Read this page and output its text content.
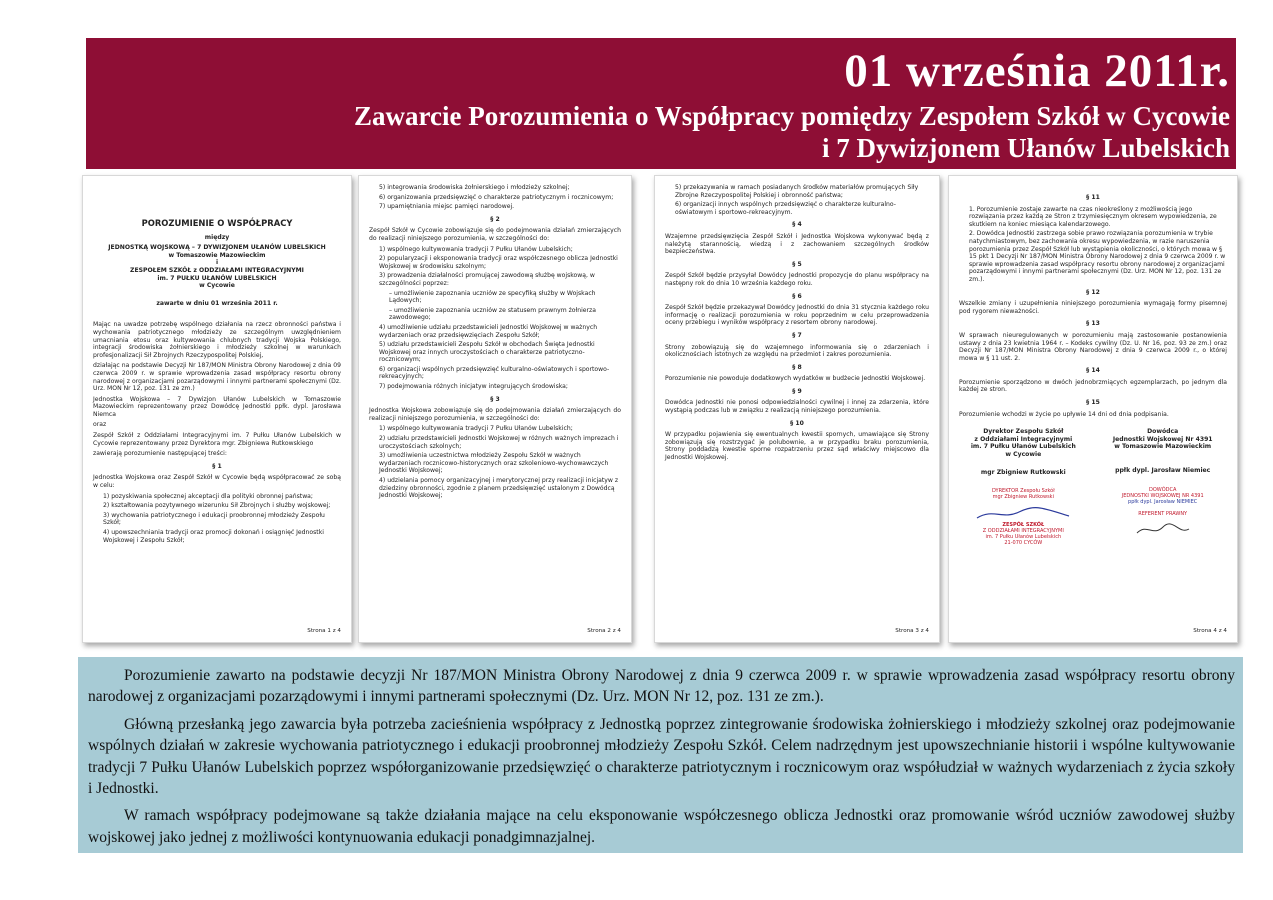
01 września 2011r.
Zawarcie Porozumienia o Współpracy pomiędzy Zespołem Szkół w Cycowie
i 7 Dywizjonem Ułanów Lubelskich
POROZUMIENIE O WSPÓŁPRACY

między

JEDNOSTKĄ WOJSKOWĄ – 7 DYWIZJONEM UŁANÓW LUBELSKICH

w Tomaszowie Mazowieckim

i

ZESPOŁEM SZKÓŁ z ODDZIAŁAMI INTEGRACYJNYMI

im. 7 PUŁKU UŁANÓW LUBELSKICH

w Cycowie

zawarte w dniu 01 września 2011 r.

Mając na uwadze potrzebę wspólnego działania na rzecz obronności państwa i wychowania patriotycznego młodzieży ze szczególnym uwzględnieniem umacniania etosu oraz kultywowania chlubnych tradycji Wojska Polskiego, integracji środowiska żołnierskiego i młodzieży szkolnej w warunkach profesjonalizacji Sił Zbrojnych Rzeczypospolitej Polskiej,

działając na podstawie Decyzji Nr 187/MON Ministra Obrony Narodowej z dnia 09 czerwca 2009 r. w sprawie wprowadzenia zasad współpracy resortu obrony narodowej z organizacjami pozarządowymi i innymi partnerami społecznymi (Dz. Urz. MON Nr 12, poz. 131 ze zm.)

Jednostka Wojskowa – 7 Dywizjon Ułanów Lubelskich w Tomaszowie Mazowieckim reprezentowany przez Dowódcę Jednostki ppłk. dypl. Jarosława Niemca

oraz

Zespół Szkół z Oddziałami Integracyjnymi im. 7 Pułku Ułanów Lubelskich w Cycowie reprezentowany przez Dyrektora mgr. Zbigniewa Rutkowskiego

zawierają porozumienie następującej treści:

§ 1

Jednostka Wojskowa oraz Zespół Szkół w Cycowie będą współpracować ze sobą w celu:

1) pozyskiwania społecznej akceptacji dla polityki obronnej państwa;
2) kształtowania pozytywnego wizerunku Sił Zbrojnych i służby wojskowej;
3) wychowania patriotycznego i edukacji proobronnej młodzieży Zespołu Szkół;
4) upowszechniania tradycji oraz promocji dokonań i osiągnięć Jednostki Wojskowej i Zespołu Szkół;
Strona 1 z 4
5) integrowania środowiska żołnierskiego i młodzieży szkolnej;
6) organizowania przedsięwzięć o charakterze patriotycznym i rocznicowym;
7) upamiętniania miejsc pamięci narodowej.
§ 2

Zespół Szkół w Cycowie zobowiązuje się do podejmowania działań zmierzających do realizacji niniejszego porozumienia, w szczególności do:

1) wspólnego kultywowania tradycji 7 Pułku Ułanów Lubelskich;
2) popularyzacji i eksponowania tradycji oraz współczesnego oblicza Jednostki Wojskowej w środowisku szkolnym;
3) prowadzenia działalności promującej zawodową służbę wojskową, w szczególności poprzez:
– umożliwienie zapoznania uczniów ze specyfiką służby w Wojskach Lądowych;
– umożliwienie zapoznania uczniów ze statusem prawnym żołnierza zawodowego;
4) umożliwienie udziału przedstawicieli Jednostki Wojskowej w ważnych wydarzeniach oraz przedsięwzięciach Zespołu Szkół;
5) udziału przedstawicieli Zespołu Szkół w obchodach Święta Jednostki Wojskowej oraz innych uroczystościach o charakterze patriotyczno-rocznicowym;
6) organizacji wspólnych przedsięwzięć kulturalno-oświatowych i sportowo-rekreacyjnych;
7) podejmowania różnych inicjatyw integrujących środowiska;
§ 3

Jednostka Wojskowa zobowiązuje się do podejmowania działań zmierzających do realizacji niniejszego porozumienia, w szczególności do:

1) wspólnego kultywowania tradycji 7 Pułku Ułanów Lubelskich;
2) udziału przedstawicieli Jednostki Wojskowej w różnych ważnych imprezach i uroczystościach szkolnych;
3) umożliwienia uczestnictwa młodzieży Zespołu Szkół w ważnych wydarzeniach rocznicowo-historycznych oraz szkoleniowo-wychowawczych Jednostki Wojskowej;
4) udzielania pomocy organizacyjnej i merytorycznej przy realizacji inicjatyw z dziedziny obronności, zgodnie z planem przedsięwzięć ustalonym z Dowódcą Jednostki Wojskowej;
Strona 2 z 4
5) przekazywania w ramach posiadanych środków materiałów promujących Siły Zbrojne Rzeczypospolitej Polskiej i obronność państwa;
6) organizacji innych wspólnych przedsięwzięć o charakterze kulturalno-oświatowym i sportowo-rekreacyjnym.
§ 4

Wzajemne przedsięwzięcia Zespół Szkół i Jednostka Wojskowa wykonywać będą z należytą starannością, wiedzą i z zachowaniem szczególnych środków bezpieczeństwa.

§ 5

Zespół Szkół będzie przysyłał Dowódcy Jednostki propozycje do planu współpracy na następny rok do dnia 10 września każdego roku.

§ 6

Zespół Szkół będzie przekazywał Dowódcy Jednostki do dnia 31 stycznia każdego roku informację o realizacji porozumienia w roku poprzednim w celu przeprowadzenia oceny przebiegu i wyników współpracy z resortem obrony narodowej.

§ 7

Strony zobowiązują się do wzajemnego informowania się o zdarzeniach i okolicznościach istotnych ze względu na przedmiot i zakres porozumienia.

§ 8

Porozumienie nie powoduje dodatkowych wydatków w budżecie Jednostki Wojskowej.

§ 9

Dowódca Jednostki nie ponosi odpowiedzialności cywilnej i innej za zdarzenia, które wystąpią podczas lub w związku z realizacją niniejszego porozumienia.

§ 10

W przypadku pojawienia się ewentualnych kwestii spornych, umawiające się Strony zobowiązują się rozstrzygać je polubownie, a w przypadku braku porozumienia, Strony poddadzą kwestie sporne rozpatrzeniu przez sąd właściwy miejscowo dla Jednostki Wojskowej.

Strona 3 z 4
§ 11
1. Porozumienie zostaje zawarte na czas nieokreślony z możliwością jego rozwiązania przez każdą ze Stron z trzymiesięcznym okresem wypowiedzenia, ze skutkiem na koniec miesiąca kalendarzowego.
2. Dowódca Jednostki zastrzega sobie prawo rozwiązania porozumienia w trybie natychmiastowym, bez zachowania okresu wypowiedzenia, w razie naruszenia porozumienia przez Zespół Szkół lub wystąpienia okoliczności, o których mowa w § 15 pkt 1 Decyzji Nr 187/MON Ministra Obrony Narodowej z dnia 9 czerwca 2009 r. w sprawie wprowadzenia zasad współpracy resortu obrony narodowej z organizacjami pozarządowymi i innymi partnerami społecznymi (Dz. Urz. MON Nr 12, poz. 131 ze zm.).
§ 12

Wszelkie zmiany i uzupełnienia niniejszego porozumienia wymagają formy pisemnej pod rygorem nieważności.

§ 13

W sprawach nieuregulowanych w porozumieniu mają zastosowanie postanowienia ustawy z dnia 23 kwietnia 1964 r. – Kodeks cywilny (Dz. U. Nr 16, poz. 93 ze zm.) oraz Decyzji Nr 187/MON Ministra Obrony Narodowej z dnia 9 czerwca 2009 r., o której mowa w § 11 ust. 2.

§ 14

Porozumienie sporządzono w dwóch jednobrzmiących egzemplarzach, po jednym dla każdej ze stron.

§ 15

Porozumienie wchodzi w życie po upływie 14 dni od dnia podpisania.

Dyrektor Zespołu Szkół
z Oddziałami Integracyjnymi
im. 7 Pułku Ułanów Lubelskich
w Cycowie
mgr Zbigniew Rutkowski
DYREKTOR Zespołu Szkół
mgr Zbigniew Rutkowski
ZESPÓŁ SZKÓŁ
Z ODDZIAŁAMI INTEGRACYJNYMI
im. 7 Pułku Ułanów Lubelskich
21-070 CYCÓW
Dowódca
Jednostki Wojskowej Nr 4391
w Tomaszowie Mazowieckim
ppłk dypl. Jarosław Niemiec
DOWÓDCA
JEDNOSTKI WOJSKOWEJ NR 4391
ppłk dypl. Jarosław NIEMIEC
REFERENT PRAWNY
Strona 4 z 4

Porozumienie zawarto na podstawie decyzji Nr 187/MON Ministra Obrony Narodowej z dnia 9 czerwca 2009 r. w sprawie wprowadzenia zasad współpracy resortu obrony narodowej z organizacjami pozarządowymi i innymi partnerami społecznymi (Dz. Urz. MON Nr 12, poz. 131 ze zm.).

Główną przesłanką jego zawarcia była potrzeba zacieśnienia współpracy z Jednostką poprzez zintegrowanie środowiska żołnierskiego i młodzieży szkolnej oraz podejmowanie wspólnych działań w zakresie wychowania patriotycznego i edukacji proobronnej młodzieży Zespołu Szkół. Celem nadrzędnym jest upowszechnianie historii i wspólne kultywowanie tradycji 7 Pułku Ułanów Lubelskich poprzez współorganizowanie przedsięwzięć o charakterze patriotycznym i rocznicowym oraz współudział w ważnych wydarzeniach z życia szkoły i Jednostki.

W ramach współpracy podejmowane są także działania mające na celu eksponowanie współczesnego oblicza Jednostki oraz promowanie wśród uczniów zawodowej służby wojskowej jako jednej z możliwości kontynuowania edukacji ponadgimnazjalnej.
